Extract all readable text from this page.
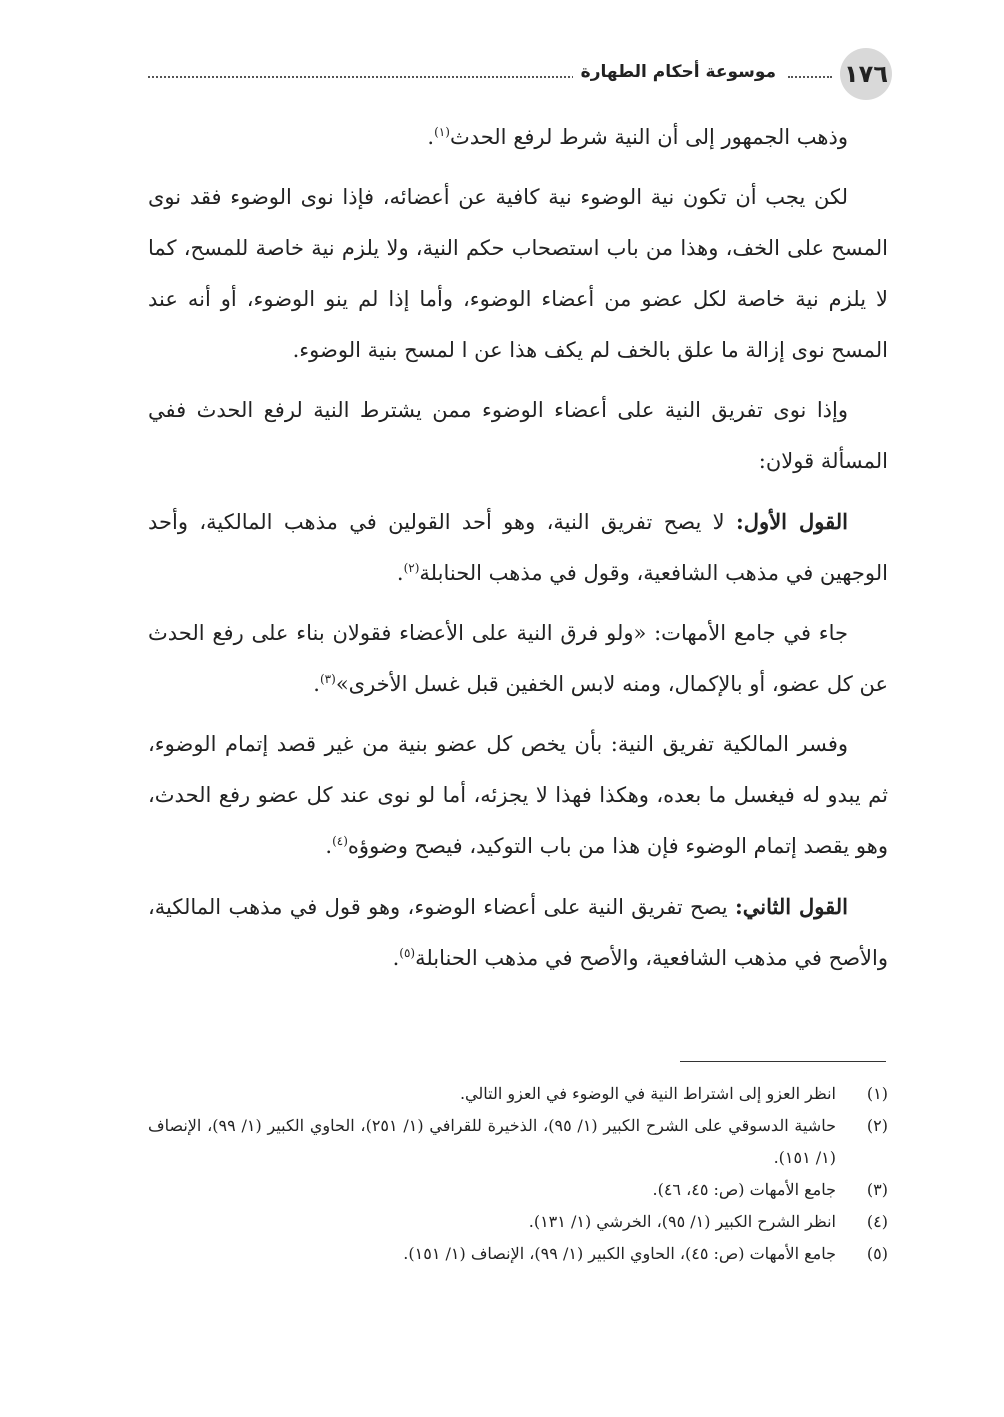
١٧٦
موسوعة أحكام الطهارة

وذهب الجمهور إلى أن النية شرط لرفع الحدث$^{(١)}$.

لكن يجب أن تكون نية الوضوء نية كافية عن أعضائه، فإذا نوى الوضوء فقد نوى المسح على الخف، وهذا من باب استصحاب حكم النية، ولا يلزم نية خاصة للمسح، كما لا يلزم نية خاصة لكل عضو من أعضاء الوضوء، وأما إذا لم ينو الوضوء، أو أنه عند المسح نوى إزالة ما علق بالخف لم يكف هذا عن ا لمسح بنية الوضوء.

وإذا نوى تفريق النية على أعضاء الوضوء ممن يشترط النية لرفع الحدث ففي المسألة قولان:

القول الأول: لا يصح تفريق النية، وهو أحد القولين في مذهب المالكية، وأحد الوجهين في مذهب الشافعية، وقول في مذهب الحنابلة$^{(٢)}$.

جاء في جامع الأمهات: «ولو فرق النية على الأعضاء فقولان بناء على رفع الحدث عن كل عضو، أو بالإكمال، ومنه لابس الخفين قبل غسل الأخرى»$^{(٣)}$.

وفسر المالكية تفريق النية: بأن يخص كل عضو بنية من غير قصد إتمام الوضوء، ثم يبدو له فيغسل ما بعده، وهكذا فهذا لا يجزئه، أما لو نوى عند كل عضو رفع الحدث، وهو يقصد إتمام الوضوء فإن هذا من باب التوكيد، فيصح وضوؤه$^{(٤)}$.

القول الثاني: يصح تفريق النية على أعضاء الوضوء، وهو قول في مذهب المالكية، والأصح في مذهب الشافعية، والأصح في مذهب الحنابلة$^{(٥)}$.

(١)
انظر العزو إلى اشتراط النية في الوضوء في العزو التالي.
(٢)
حاشية الدسوقي على الشرح الكبير (١/ ٩٥)، الذخيرة للقرافي (١/ ٢٥١)، الحاوي الكبير (١/ ٩٩)، الإنصاف (١/ ١٥١).
(٣)
جامع الأمهات (ص: ٤٥، ٤٦).
(٤)
انظر الشرح الكبير (١/ ٩٥)، الخرشي (١/ ١٣١).
(٥)
جامع الأمهات (ص: ٤٥)، الحاوي الكبير (١/ ٩٩)، الإنصاف (١/ ١٥١).
